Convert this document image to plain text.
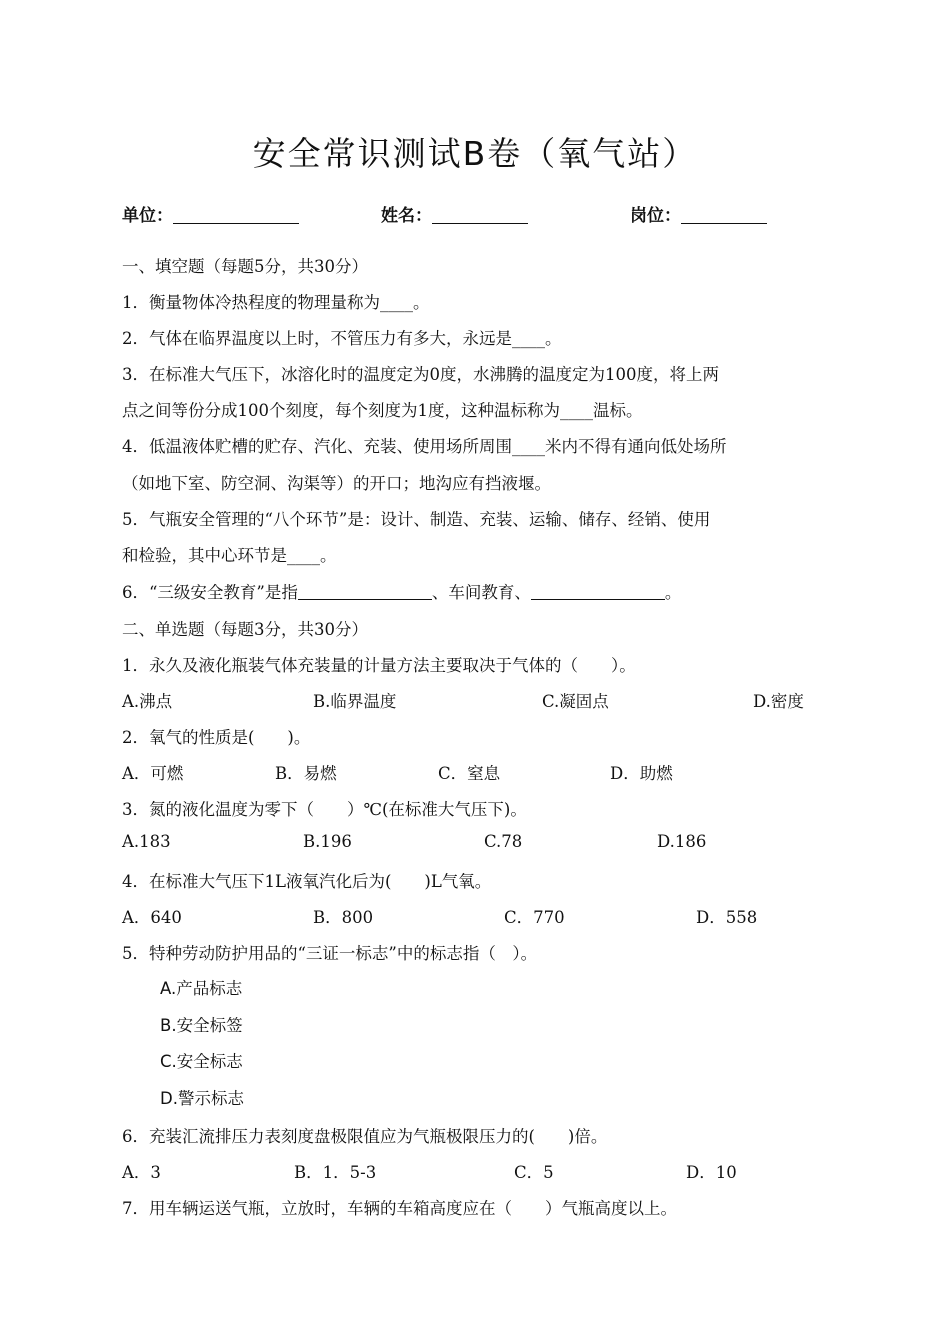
安全常识测试B卷（氧气站）
单位：	姓名：	岗位：
一、填空题（每题5分，共30分）
1．衡量物体冷热程度的物理量称为____。
2．气体在临界温度以上时，不管压力有多大，永远是____。
3．在标准大气压下，冰溶化时的温度定为0度，水沸腾的温度定为100度，将上两
点之间等份分成100个刻度，每个刻度为1度，这种温标称为____温标。
4．低温液体贮槽的贮存、汽化、充装、使用场所周围____米内不得有通向低处场所
（如地下室、防空洞、沟渠等）的开口；地沟应有挡液堰。
5．气瓶安全管理的“八个环节”是：设计、制造、充装、运输、储存、经销、使用
和检验，其中心环节是____。
6．“三级安全教育”是指	、车间教育、	。
二、单选题（每题3分，共30分）
1．永久及液化瓶装气体充装量的计量方法主要取决于气体的（　　）。
A.沸点	B.临界温度	C.凝固点	D.密度
2．氧气的性质是(　　)。
A．可燃	B．易燃	C．窒息	D．助燃
3．氮的液化温度为零下（　　）℃(在标准大气压下)。
A.183	B.196	C.78	D.186
4．在标准大气压下1L液氧汽化后为(　　)L气氧。
A．640	B．800	C．770	D．558
5．特种劳动防护用品的“三证一标志”中的标志指（　）。
A.产品标志
B.安全标签
C.安全标志
D.警示标志
6．充装汇流排压力表刻度盘极限值应为气瓶极限压力的(　　)倍。
A．3	B．1．5-3	C．5	D．10
7．用车辆运送气瓶，立放时，车辆的车箱高度应在（　　）气瓶高度以上。
